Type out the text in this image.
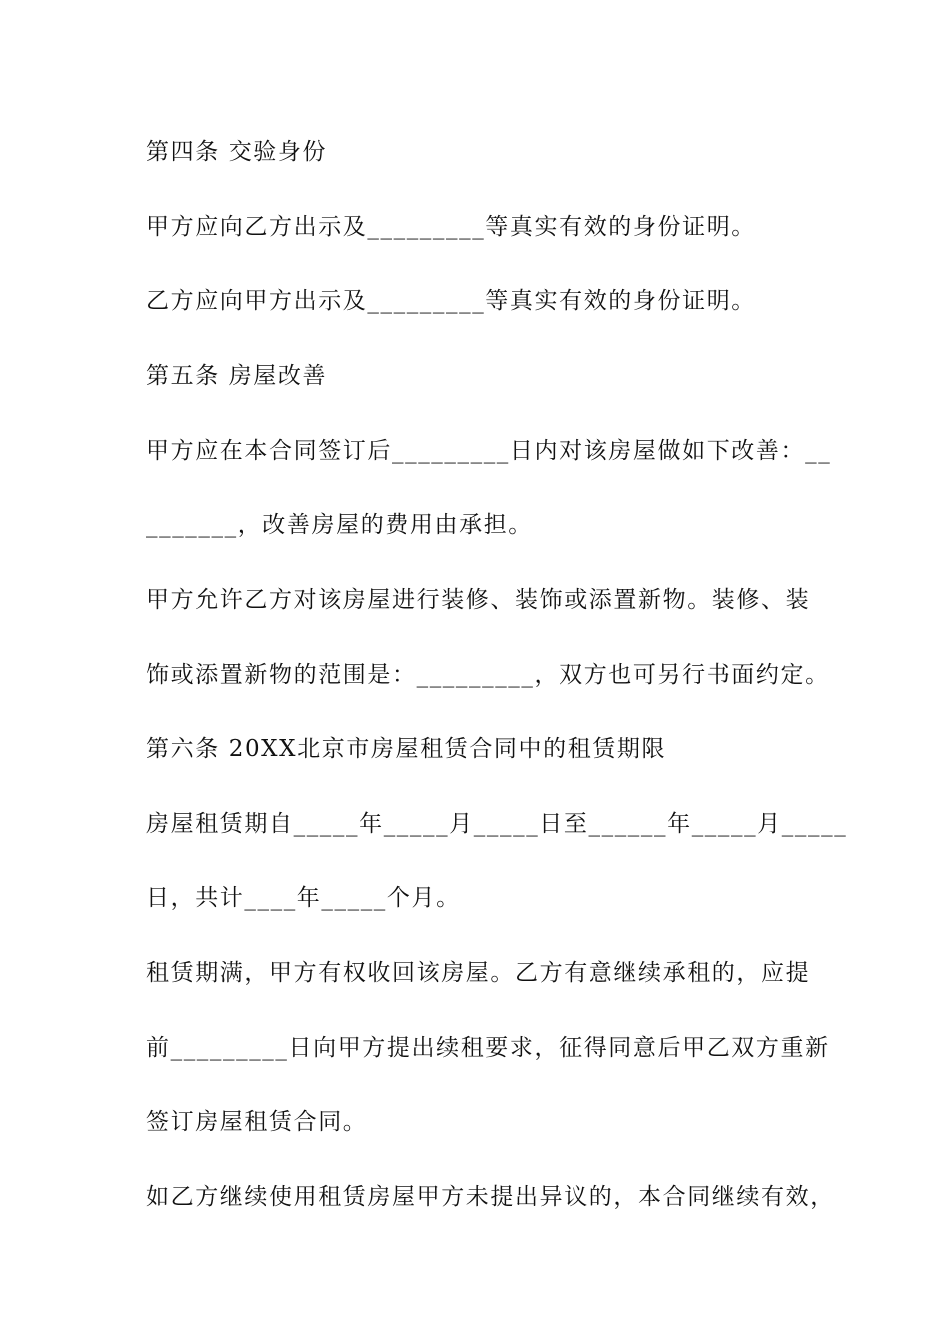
第四条 交验身份
甲方应向乙方出示及_________等真实有效的身份证明。
乙方应向甲方出示及_________等真实有效的身份证明。
第五条 房屋改善
甲方应在本合同签订后_________日内对该房屋做如下改善：__
_______，改善房屋的费用由承担。
甲方允许乙方对该房屋进行装修、装饰或添置新物。装修、装
饰或添置新物的范围是：_________，双方也可另行书面约定。
第六条 20XX北京市房屋租赁合同中的租赁期限
房屋租赁期自_____年_____月_____日至______年_____月_____
日，共计____年_____个月。
租赁期满，甲方有权收回该房屋。乙方有意继续承租的，应提
前_________日向甲方提出续租要求，征得同意后甲乙双方重新
签订房屋租赁合同。
如乙方继续使用租赁房屋甲方未提出异议的，本合同继续有效，
